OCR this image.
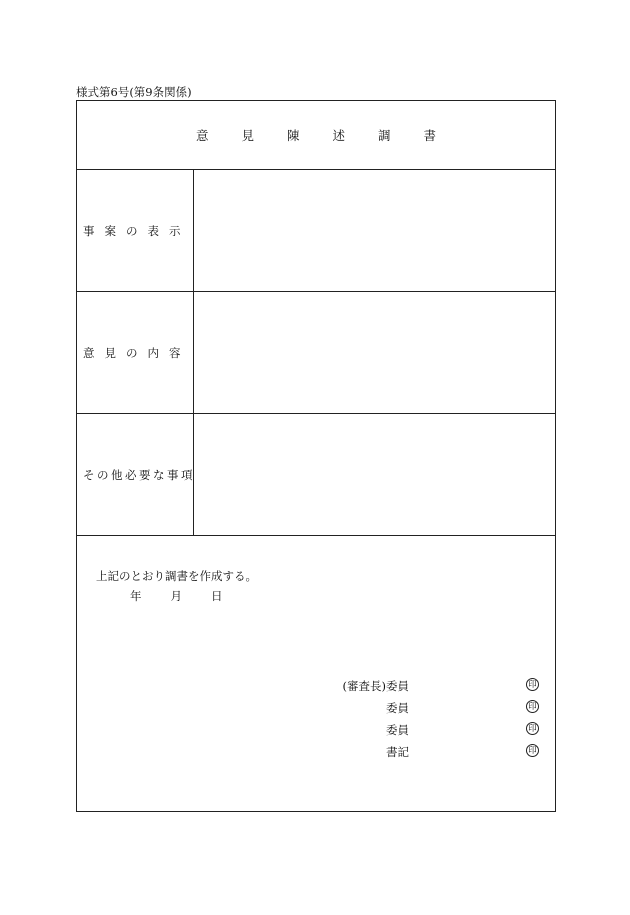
様式第6号(第9条関係)
意見陳述調書
事案の表示
意見の内容
その他必要な事項
上記のとおり調書を作成する。
年	月	日
(審査長)委員	印
委員	印
委員	印
書記	印
